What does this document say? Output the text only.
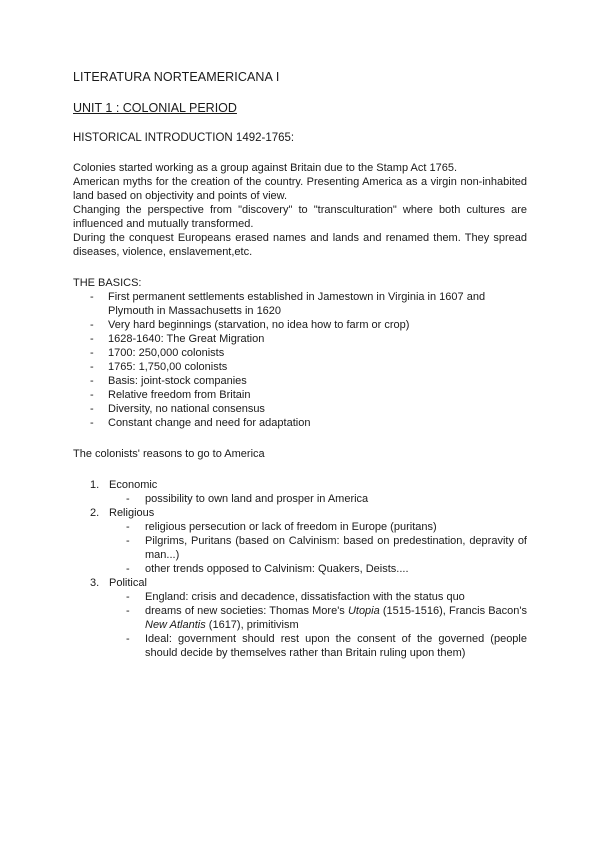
LITERATURA NORTEAMERICANA I
UNIT 1 : COLONIAL PERIOD
HISTORICAL INTRODUCTION 1492-1765:

Colonies started working as a group against Britain due to the Stamp Act 1765.

American myths for the creation of the country. Presenting America as a virgin non-inhabited land based on objectivity and points of view.

Changing the perspective from "discovery" to "transculturation" where both cultures are influenced and mutually transformed.

During the conquest Europeans erased names and lands and renamed them. They spread diseases, violence, enslavement,etc.

THE BASICS:
- First permanent settlements established in Jamestown in Virginia in 1607 and Plymouth in Massachusetts in 1620
- Very hard beginnings (starvation, no idea how to farm or crop)
- 1628-1640: The Great Migration
- 1700: 250,000 colonists
- 1765: 1,750,00 colonists
- Basis: joint-stock companies
- Relative freedom from Britain
- Diversity, no national consensus
- Constant change and need for adaptation
The colonists' reasons to go to America
1. Economic
- possibility to own land and prosper in America
2. Religious
- religious persecution or lack of freedom in Europe (puritans)
- Pilgrims, Puritans (based on Calvinism: based on predestination, depravity of man...)
- other trends opposed to Calvinism: Quakers, Deists....
3. Political
- England: crisis and decadence, dissatisfaction with the status quo
- dreams of new societies: Thomas More's Utopia (1515-1516), Francis Bacon's New Atlantis (1617), primitivism
- Ideal: government should rest upon the consent of the governed (people should decide by themselves rather than Britain ruling upon them)
